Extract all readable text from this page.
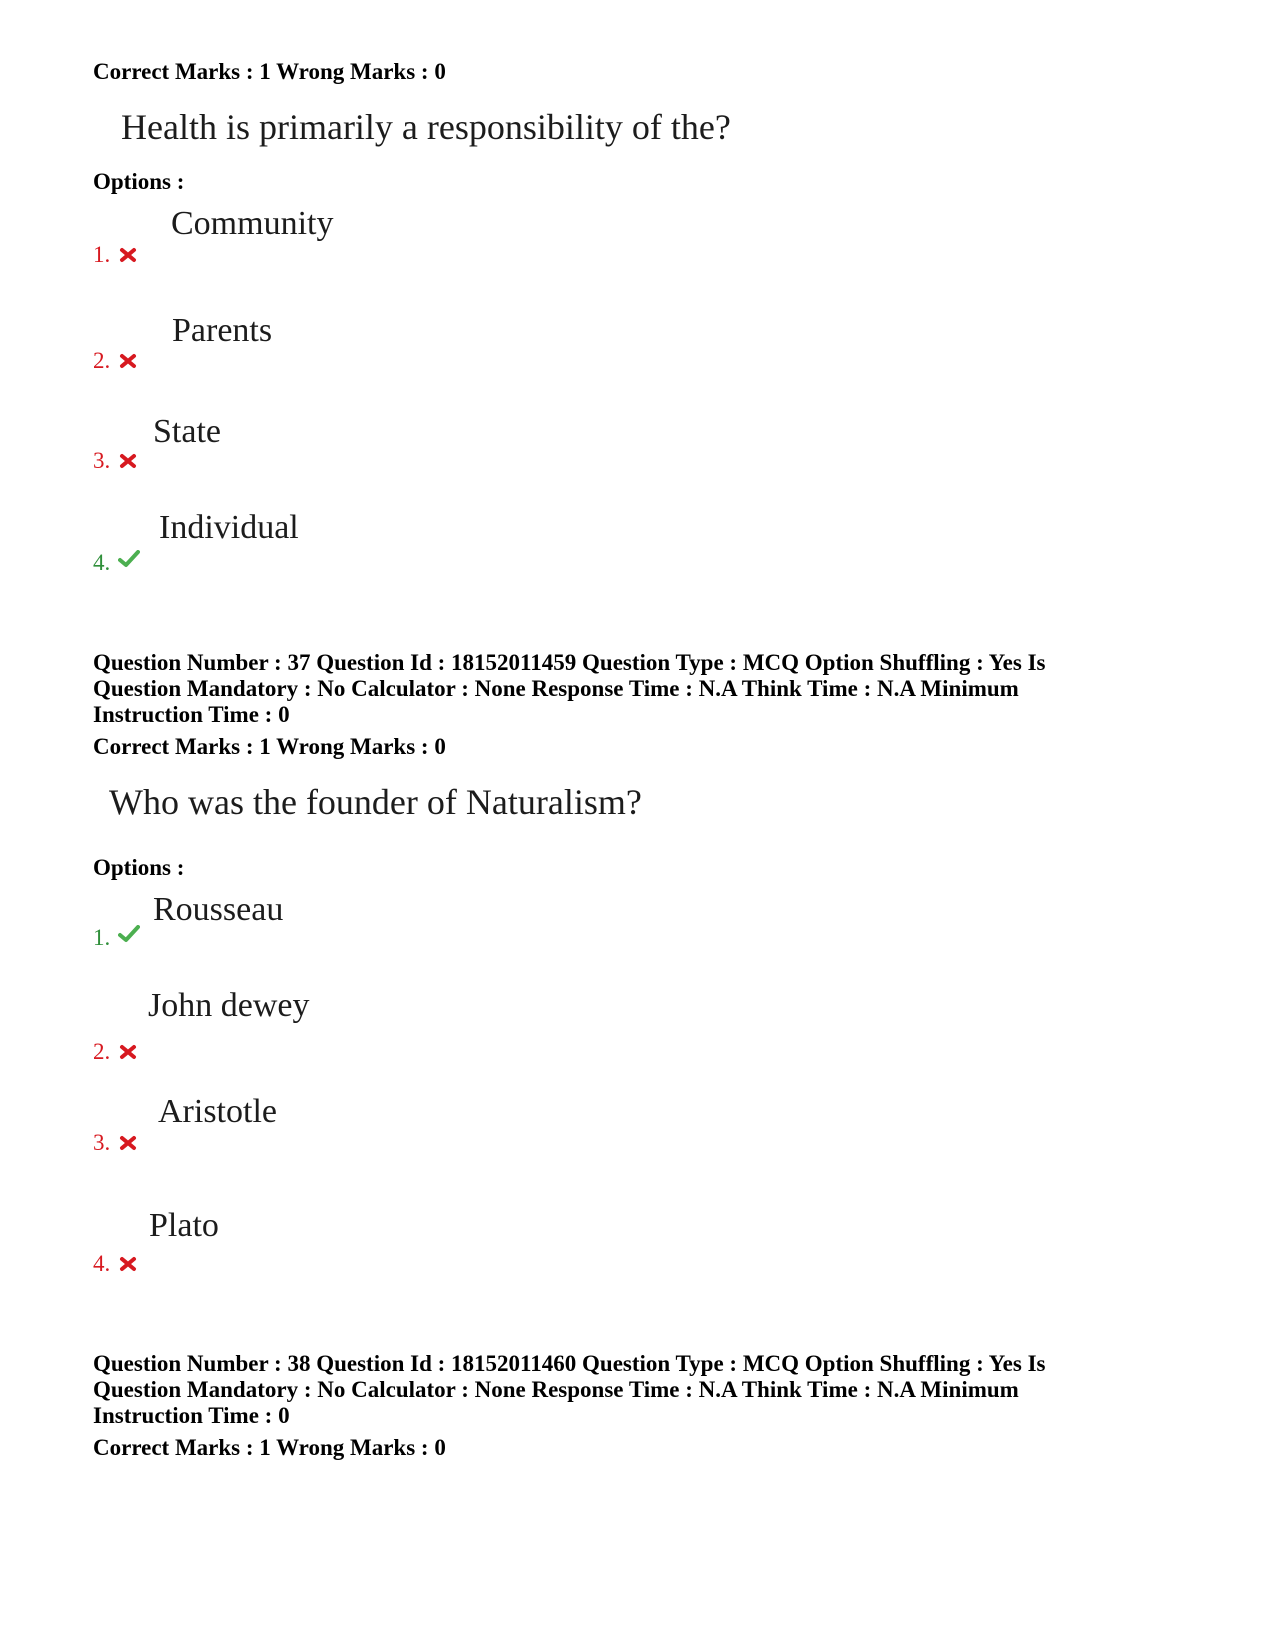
Correct Marks : 1 Wrong Marks : 0
Health is primarily a responsibility of the?
Options :
Community
1.
Parents
2.
State
3.
Individual
4.
Question Number : 37 Question Id : 18152011459 Question Type : MCQ Option Shuffling : Yes Is
Question Mandatory : No Calculator : None Response Time : N.A Think Time : N.A Minimum
Instruction Time : 0
Correct Marks : 1 Wrong Marks : 0
Who was the founder of Naturalism?
Options :
Rousseau
1.
John dewey
2.
Aristotle
3.
Plato
4.
Question Number : 38 Question Id : 18152011460 Question Type : MCQ Option Shuffling : Yes Is
Question Mandatory : No Calculator : None Response Time : N.A Think Time : N.A Minimum
Instruction Time : 0
Correct Marks : 1 Wrong Marks : 0
